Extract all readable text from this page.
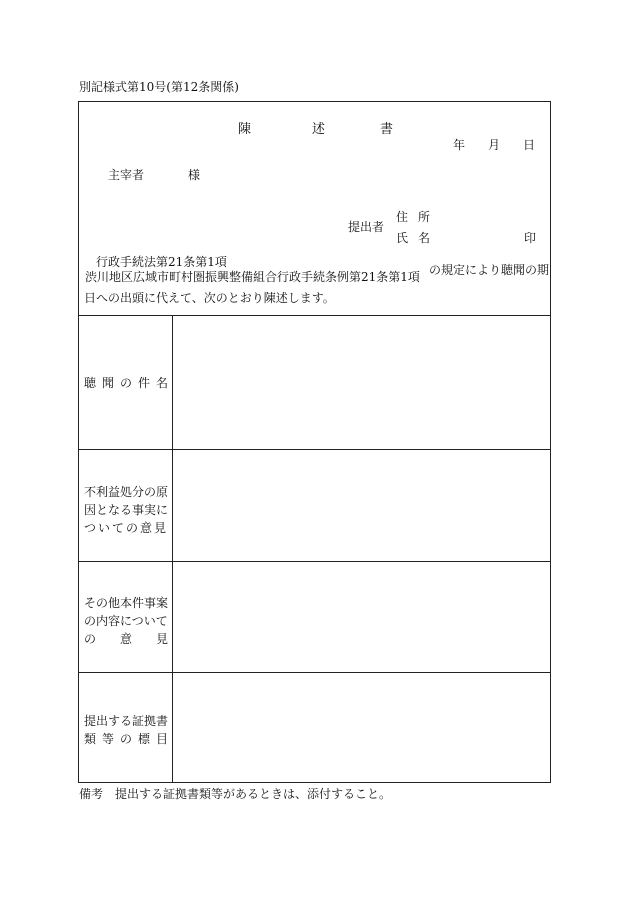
別記様式第10号(第12条関係)
陳	述	書
年 月 日
主宰者	様
提出者
住 所
氏 名	印
行政手続法第21条第1項
渋川地区広域市町村圏振興整備組合行政手続条例第21条第1項 の規定により聴聞の期
日への出頭に代えて、次のとおり陳述します。
聴 聞 の 件 名
不利益処分の原
因となる事実に
ついての意見
その他本件事案
の内容について
の 意 見
提出する証拠書
類 等 の 標 目
備考　提出する証拠書類等があるときは、添付すること。
